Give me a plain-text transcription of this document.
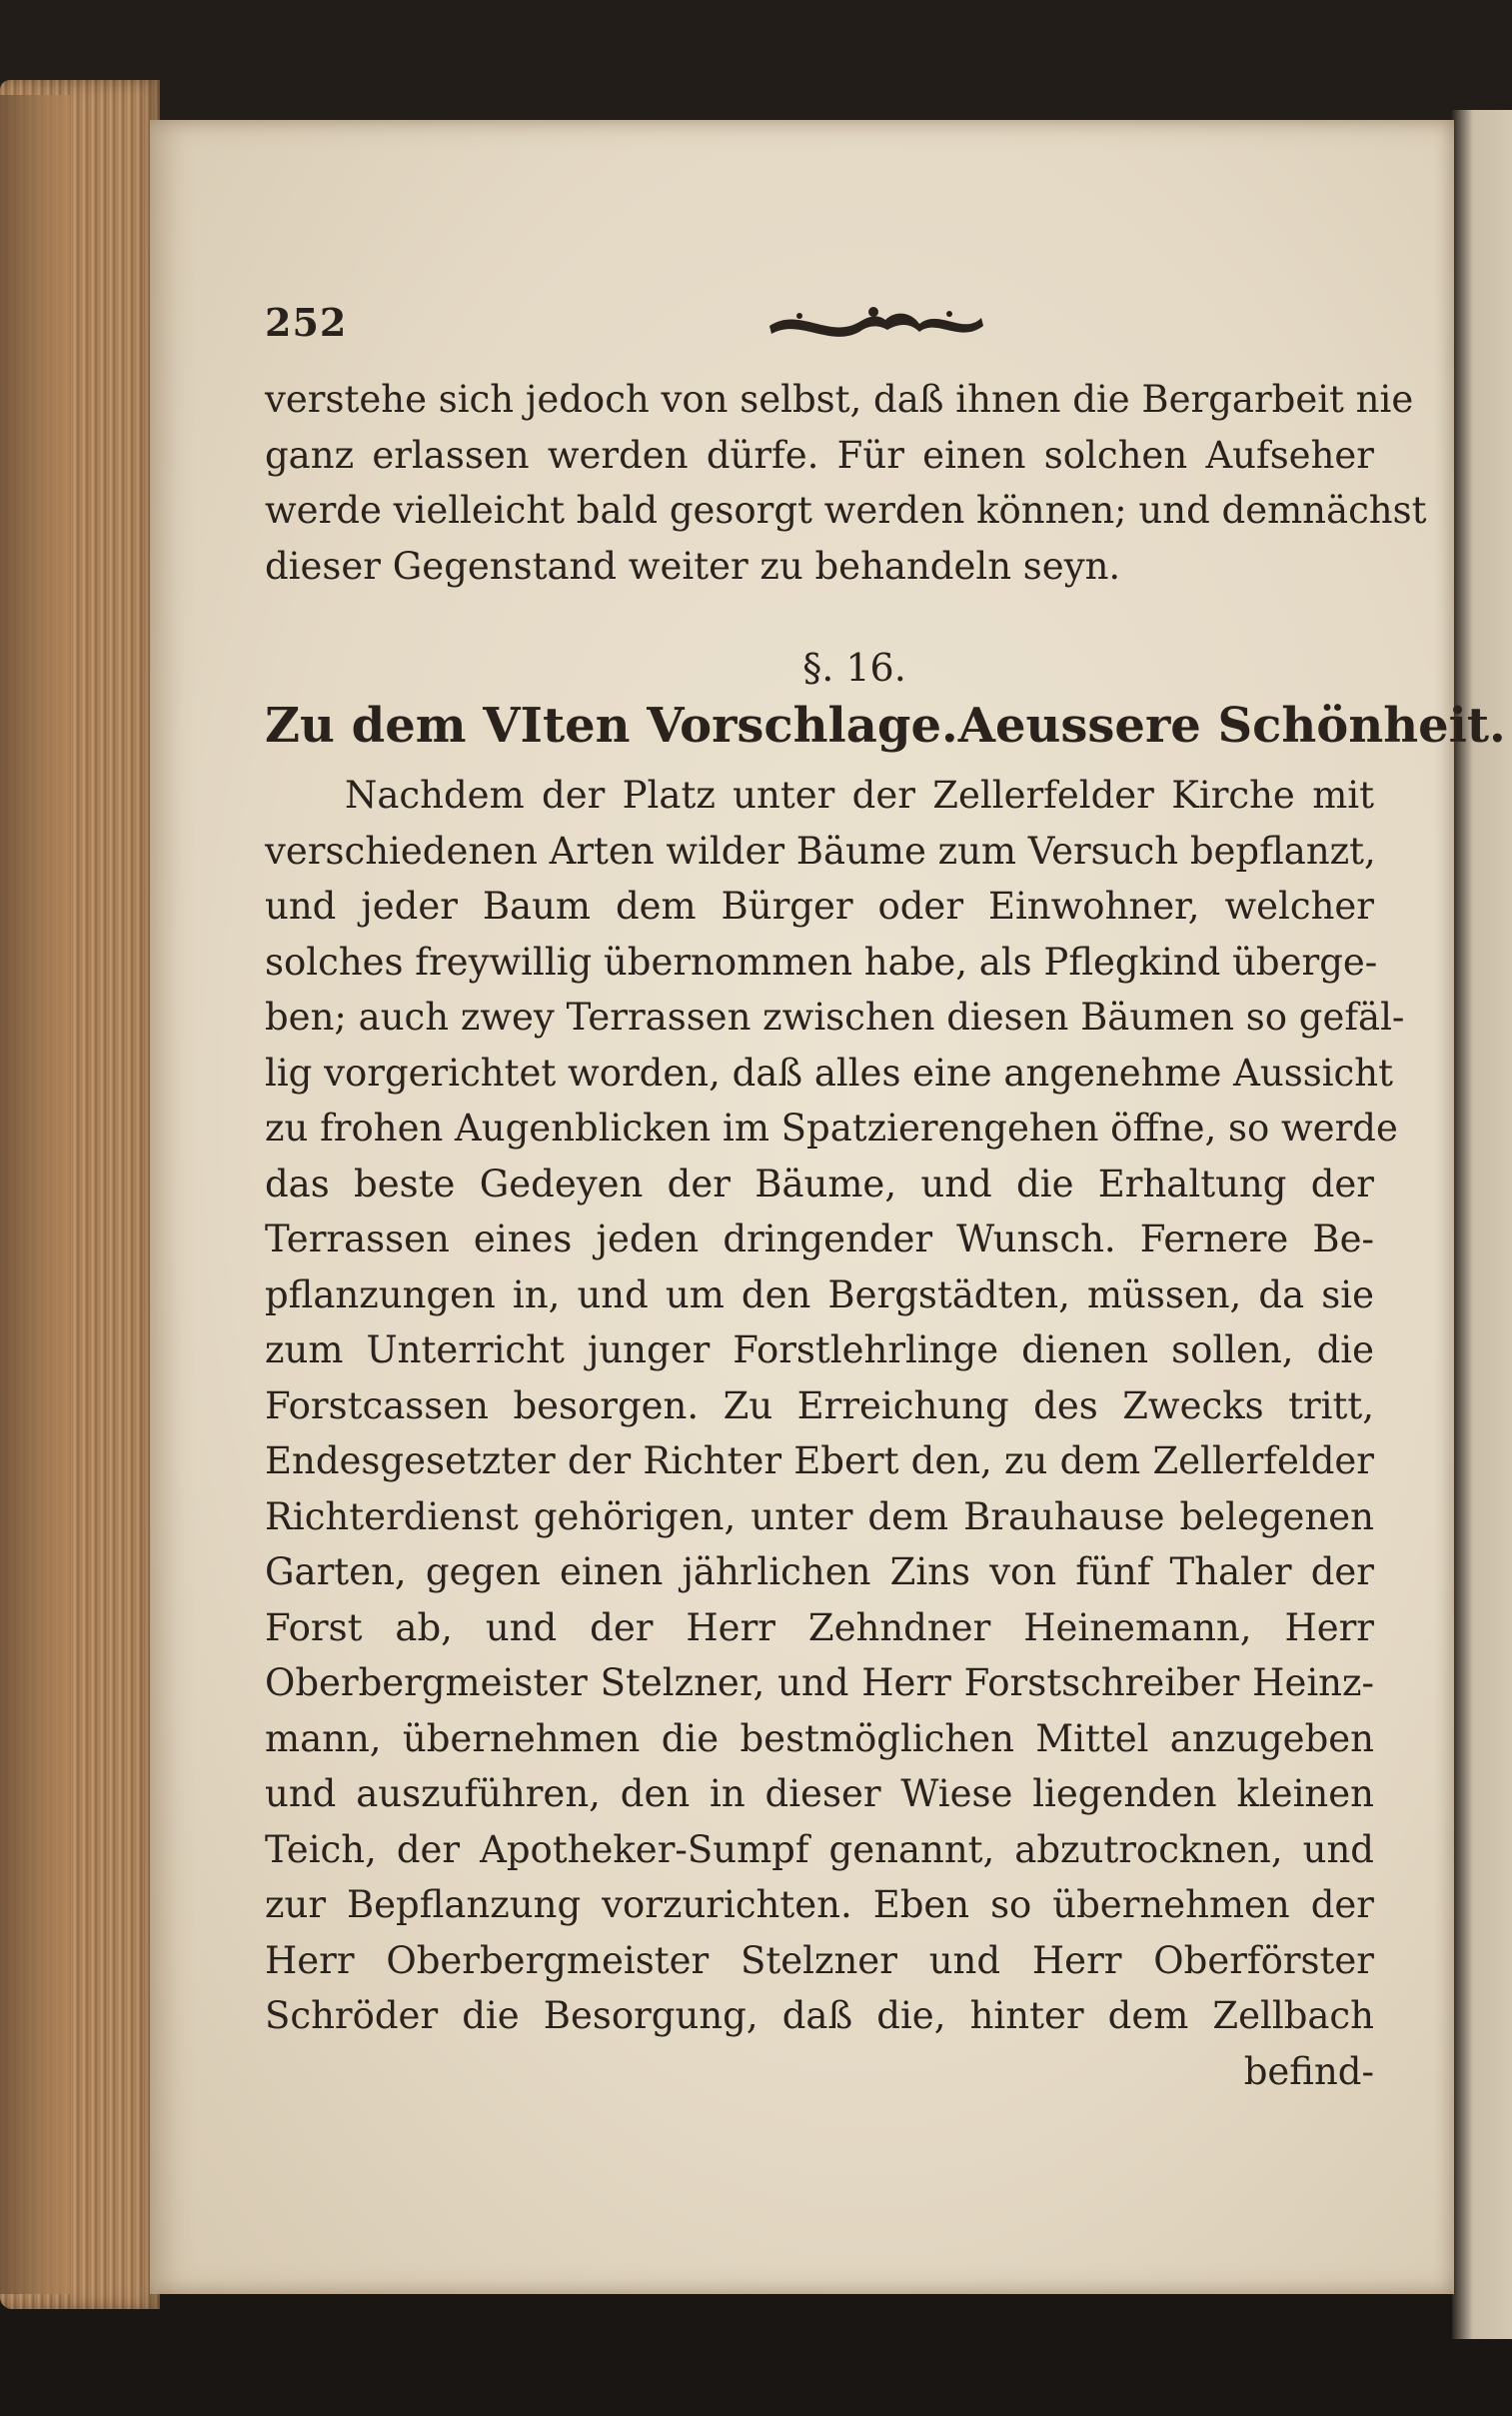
252

verstehe sich jedoch von selbst, daß ihnen die Bergarbeit nie
ganz erlassen werden dürfe. Für einen solchen Aufseher
werde vielleicht bald gesorgt werden können; und demnächst
dieser Gegenstand weiter zu behandeln seyn.

§. 16.
Zu dem VIten Vorschlage. Aeussere Schönheit.

Nachdem der Platz unter der Zellerfelder Kirche mit
verschiedenen Arten wilder Bäume zum Versuch bepflanzt,
und jeder Baum dem Bürger oder Einwohner, welcher
solches freywillig übernommen habe, als Pflegkind überge-
ben; auch zwey Terrassen zwischen diesen Bäumen so gefäl-
lig vorgerichtet worden, daß alles eine angenehme Aussicht
zu frohen Augenblicken im Spatzierengehen öffne, so werde
das beste Gedeyen der Bäume, und die Erhaltung der
Terrassen eines jeden dringender Wunsch. Fernere Be-
pflanzungen in, und um den Bergstädten, müssen, da sie
zum Unterricht junger Forstlehrlinge dienen sollen, die
Forstcassen besorgen. Zu Erreichung des Zwecks tritt,
Endesgesetzter der Richter Ebert den, zu dem Zellerfelder
Richterdienst gehörigen, unter dem Brauhause belegenen
Garten, gegen einen jährlichen Zins von fünf Thaler der
Forst ab, und der Herr Zehndner Heinemann, Herr
Oberbergmeister Stelzner, und Herr Forstschreiber Heinz-
mann, übernehmen die bestmöglichen Mittel anzugeben
und auszuführen, den in dieser Wiese liegenden kleinen
Teich, der Apotheker-Sumpf genannt, abzutrocknen, und
zur Bepflanzung vorzurichten. Eben so übernehmen der
Herr Oberbergmeister Stelzner und Herr Oberförster
Schröder die Besorgung, daß die, hinter dem Zellbach
befind-
